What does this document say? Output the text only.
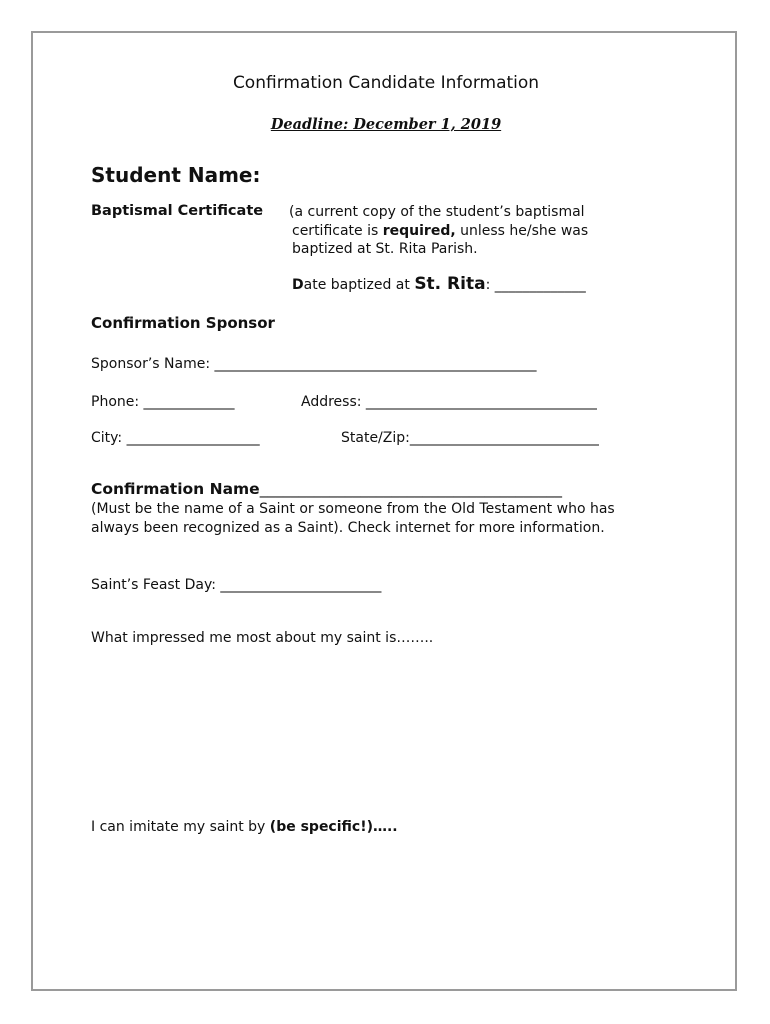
Confirmation Candidate Information
Deadline: December 1, 2019
Student Name:
Baptismal Certificate (a current copy of the student’s baptismal
certificate is required, unless he/she was
baptized at St. Rita Parish.
Date baptized at St. Rita: _____________
Confirmation Sponsor
Sponsor’s Name: ______________________________________________
Phone: _____________	Address: _________________________________
City: ___________________	State/Zip:___________________________
Confirmation Name_______________________________________
(Must be the name of a Saint or someone from the Old Testament who has
always been recognized as a Saint). Check internet for more information.
Saint’s Feast Day: _______________________
What impressed me most about my saint is……..
I can imitate my saint by (be specific!)…..
